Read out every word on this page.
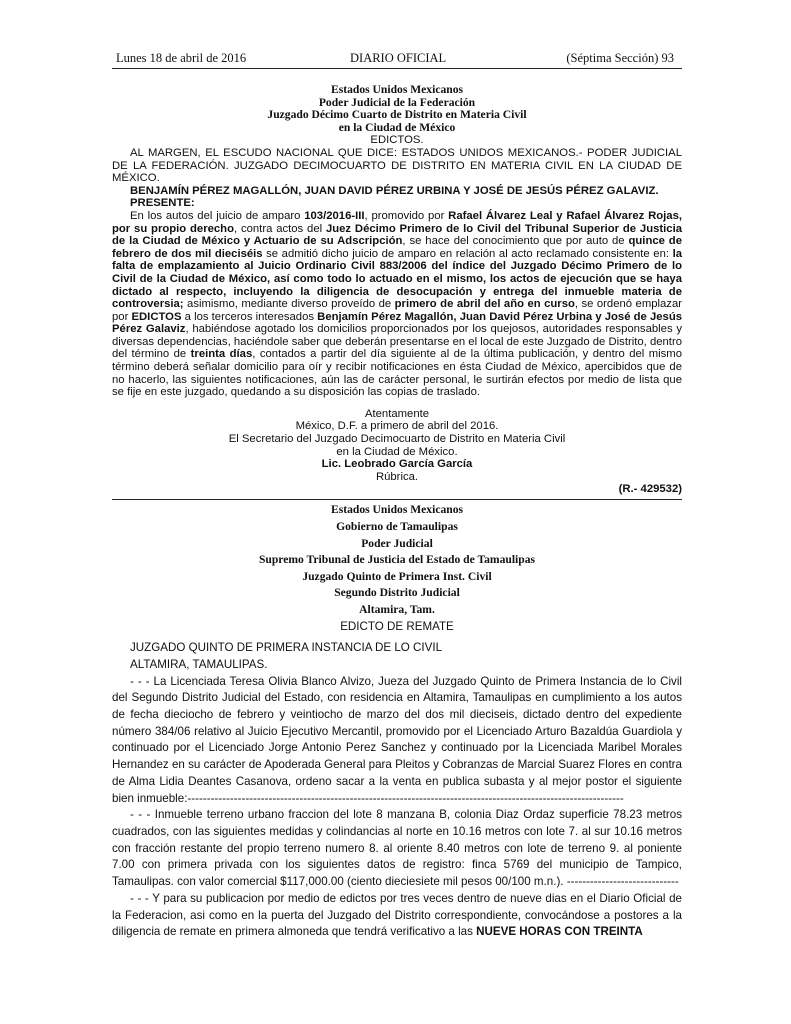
Lunes 18 de abril de 2016	DIARIO OFICIAL	(Séptima Sección) 93
Estados Unidos Mexicanos
Poder Judicial de la Federación
Juzgado Décimo Cuarto de Distrito en Materia Civil
en la Ciudad de México
EDICTOS.

AL MARGEN, EL ESCUDO NACIONAL QUE DICE: ESTADOS UNIDOS MEXICANOS.- PODER JUDICIAL DE LA FEDERACIÓN. JUZGADO DECIMOCUARTO DE DISTRITO EN MATERIA CIVIL EN LA CIUDAD DE MÉXICO.

BENJAMÍN PÉREZ MAGALLÓN, JUAN DAVID PÉREZ URBINA Y JOSÉ DE JESÚS PÉREZ GALAVIZ.

PRESENTE:

En los autos del juicio de amparo 103/2016-III, promovido por Rafael Álvarez Leal y Rafael Álvarez Rojas, por su propio derecho, contra actos del Juez Décimo Primero de lo Civil del Tribunal Superior de Justicia de la Ciudad de México y Actuario de su Adscripción, se hace del conocimiento que por auto de quince de febrero de dos mil dieciséis se admitió dicho juicio de amparo en relación al acto reclamado consistente en: la falta de emplazamiento al Juicio Ordinario Civil 883/2006 del índice del Juzgado Décimo Primero de lo Civil de la Ciudad de México, así como todo lo actuado en el mismo, los actos de ejecución que se haya dictado al respecto, incluyendo la diligencia de desocupación y entrega del inmueble materia de controversia; asimismo, mediante diverso proveído de primero de abril del año en curso, se ordenó emplazar por EDICTOS a los terceros interesados Benjamín Pérez Magallón, Juan David Pérez Urbina y José de Jesús Pérez Galaviz, habiéndose agotado los domicilios proporcionados por los quejosos, autoridades responsables y diversas dependencias, haciéndole saber que deberán presentarse en el local de este Juzgado de Distrito, dentro del término de treinta días, contados a partir del día siguiente al de la última publicación, y dentro del mismo término deberá señalar domicilio para oír y recibir notificaciones en ésta Ciudad de México, apercibidos que de no hacerlo, las siguientes notificaciones, aún las de carácter personal, le surtirán efectos por medio de lista que se fije en este juzgado, quedando a su disposición las copias de traslado.

Atentamente
México, D.F. a primero de abril del 2016.
El Secretario del Juzgado Decimocuarto de Distrito en Materia Civil
en la Ciudad de México.
Lic. Leobrado García García
Rúbrica.
(R.- 429532)
Estados Unidos Mexicanos
Gobierno de Tamaulipas
Poder Judicial
Supremo Tribunal de Justicia del Estado de Tamaulipas
Juzgado Quinto de Primera Inst. Civil
Segundo Distrito Judicial
Altamira, Tam.
EDICTO DE REMATE
JUZGADO QUINTO DE PRIMERA INSTANCIA DE LO CIVIL
ALTAMIRA, TAMAULIPAS.

- - - La Licenciada Teresa Olivia Blanco Alvizo, Jueza del Juzgado Quinto de Primera Instancia de lo Civil del Segundo Distrito Judicial del Estado, con residencia en Altamira, Tamaulipas en cumplimiento a los autos de fecha dieciocho de febrero y veintiocho de marzo del dos mil dieciseis, dictado dentro del expediente número 384/06 relativo al Juicio Ejecutivo Mercantil, promovido por el Licenciado Arturo Bazaldúa Guardiola y continuado por el Licenciado Jorge Antonio Perez Sanchez y continuado por la Licenciada Maribel Morales Hernandez en su carácter de Apoderada General para Pleitos y Cobranzas de Marcial Suarez Flores en contra de Alma Lidia Deantes Casanova, ordeno sacar a la venta en publica subasta y al mejor postor el siguiente bien inmueble:-----------------------------------------------------------------------------------------------------------------

- - - Inmueble terreno urbano fraccion del lote 8 manzana B, colonia Diaz Ordaz superficie 78.23 metros cuadrados, con las siguientes medidas y colindancias al norte en 10.16 metros con lote 7. al sur 10.16 metros con fracción restante del propio terreno numero 8. al oriente 8.40 metros con lote de terreno 9. al poniente 7.00 con primera privada con los siguientes datos de registro: finca 5769 del municipio de Tampico, Tamaulipas. con valor comercial $117,000.00 (ciento dieciesiete mil pesos 00/100 m.n.). -----------------------------

- - - Y para su publicacion por medio de edictos por tres veces dentro de nueve dias en el Diario Oficial de la Federacion, asi como en la puerta del Juzgado del Distrito correspondiente, convocándose a postores a la diligencia de remate en primera almoneda que tendrá verificativo a las NUEVE HORAS CON TREINTA
